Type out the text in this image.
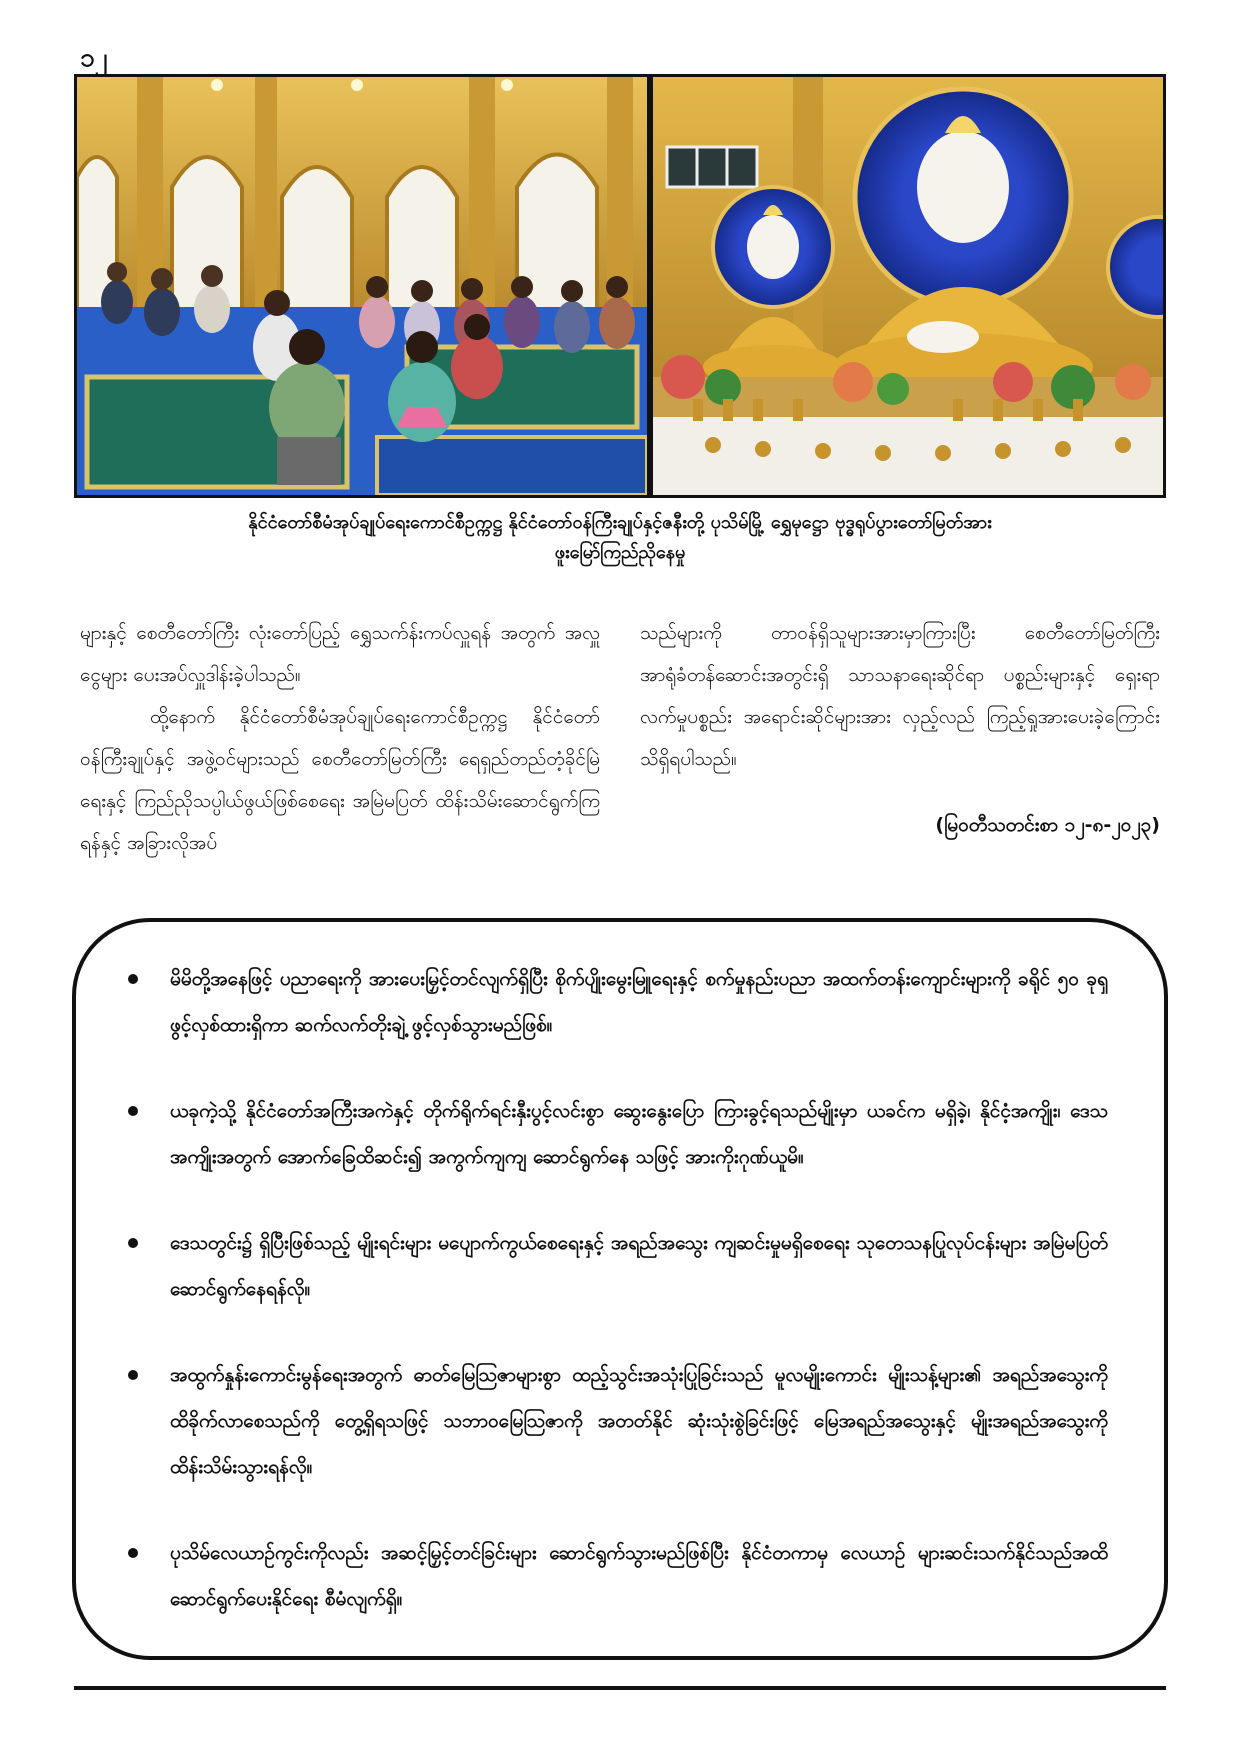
၁၂
နိုင်ငံတော်စီမံအုပ်ချုပ်ရေးကောင်စီဥက္ကဋ္ဌ နိုင်ငံတော်ဝန်ကြီးချုပ်နှင့်ဇနီးတို့ ပုသိမ်မြို့ ရွှေမုဋ္ဌော ဗုဒ္ဓရုပ်ပွားတော်မြတ်အား
ဖူးမြော်ကြည်ညိုနေမှု

များနှင့် စေတီတော်ကြီး လုံးတော်ပြည့် ရွှေသက်န်းကပ်လှူရန် အတွက် အလှူငွေများ ပေးအပ်လှူဒါန်းခဲ့ပါသည်။

ထို့နောက် နိုင်ငံတော်စီမံအုပ်ချုပ်ရေးကောင်စီဥက္ကဋ္ဌ နိုင်ငံတော်ဝန်ကြီးချုပ်နှင့် အဖွဲ့ဝင်များသည် စေတီတော်မြတ်ကြီး ရေရှည်တည်တံ့ခိုင်မြဲရေးနှင့် ကြည်ညိုသပ္ပါယ်ဖွယ်ဖြစ်စေရေး အမြဲမပြတ် ထိန်းသိမ်းဆောင်ရွက်ကြရန်နှင့် အခြားလိုအပ်

သည်များကို တာဝန်ရှိသူများအားမှာကြားပြီး စေတီတော်မြတ်ကြီး အာရုံခံတန်ဆောင်းအတွင်းရှိ သာသနာရေးဆိုင်ရာ ပစ္စည်းများနှင့် ရှေးရာလက်မှုပစ္စည်း အရောင်းဆိုင်များအား လှည့်လည် ကြည့်ရှုအားပေးခဲ့ကြောင်း သိရှိရပါသည်။

(မြဝတီသတင်းစာ ၁၂-၈-၂၀၂၃)
မိမိတို့အနေဖြင့် ပညာရေးကို အားပေးမြှင့်တင်လျက်ရှိပြီး စိုက်ပျိုးမွေးမြူရေးနှင့် စက်မှုနည်းပညာ အထက်တန်းကျောင်းများကို ခရိုင် ၅၀ ခုၡ ဖွင့်လှစ်ထားရှိကာ ဆက်လက်တိုးချဲ့ ဖွင့်လှစ်သွားမည်ဖြစ်။
ယခုကဲ့သို့ နိုင်ငံတော်အကြီးအကဲနှင့် တိုက်ရိုက်ရင်းနှီးပွင့်လင်းစွာ ဆွေးနွေးပြော ကြားခွင့်ရသည်မျိုးမှာ ယခင်က မရှိခဲ့၊ နိုင်ငံ့အကျိုး၊ ဒေသအကျိုးအတွက် အောက်ခြေထိဆင်း၍ အကွက်ကျကျ ဆောင်ရွက်နေ သဖြင့် အားကိုးဂုဏ်ယူမိ။
ဒေသတွင်း၌ ရှိပြီးဖြစ်သည့် မျိုးရင်းများ မပျောက်ကွယ်စေရေးနှင့် အရည်အသွေး ကျဆင်းမှုမရှိစေရေး သုတေသနပြုလုပ်ငန်းများ အမြဲမပြတ် ဆောင်ရွက်နေရန်လို။
အထွက်နှုန်းကောင်းမွန်ရေးအတွက် ဓာတ်မြေသြဇာများစွာ ထည့်သွင်းအသုံးပြုခြင်းသည် မူလမျိုးကောင်း မျိုးသန့်များ၏ အရည်အသွေးကို ထိခိုက်လာစေသည်ကို တွေ့ရှိရသဖြင့် သဘာဝမြေသြဇာကို အတတ်နိုင် ဆုံးသုံးစွဲခြင်းဖြင့် မြေအရည်အသွေးနှင့် မျိုးအရည်အသွေးကို ထိန်းသိမ်းသွားရန်လို။
ပုသိမ်လေယာဉ်ကွင်းကိုလည်း အဆင့်မြှင့်တင်ခြင်းများ ဆောင်ရွက်သွားမည်ဖြစ်ပြီး နိုင်ငံတကာမှ လေယာဉ် များဆင်းသက်နိုင်သည်အထိ ဆောင်ရွက်ပေးနိုင်ရေး စီမံလျက်ရှိ။
